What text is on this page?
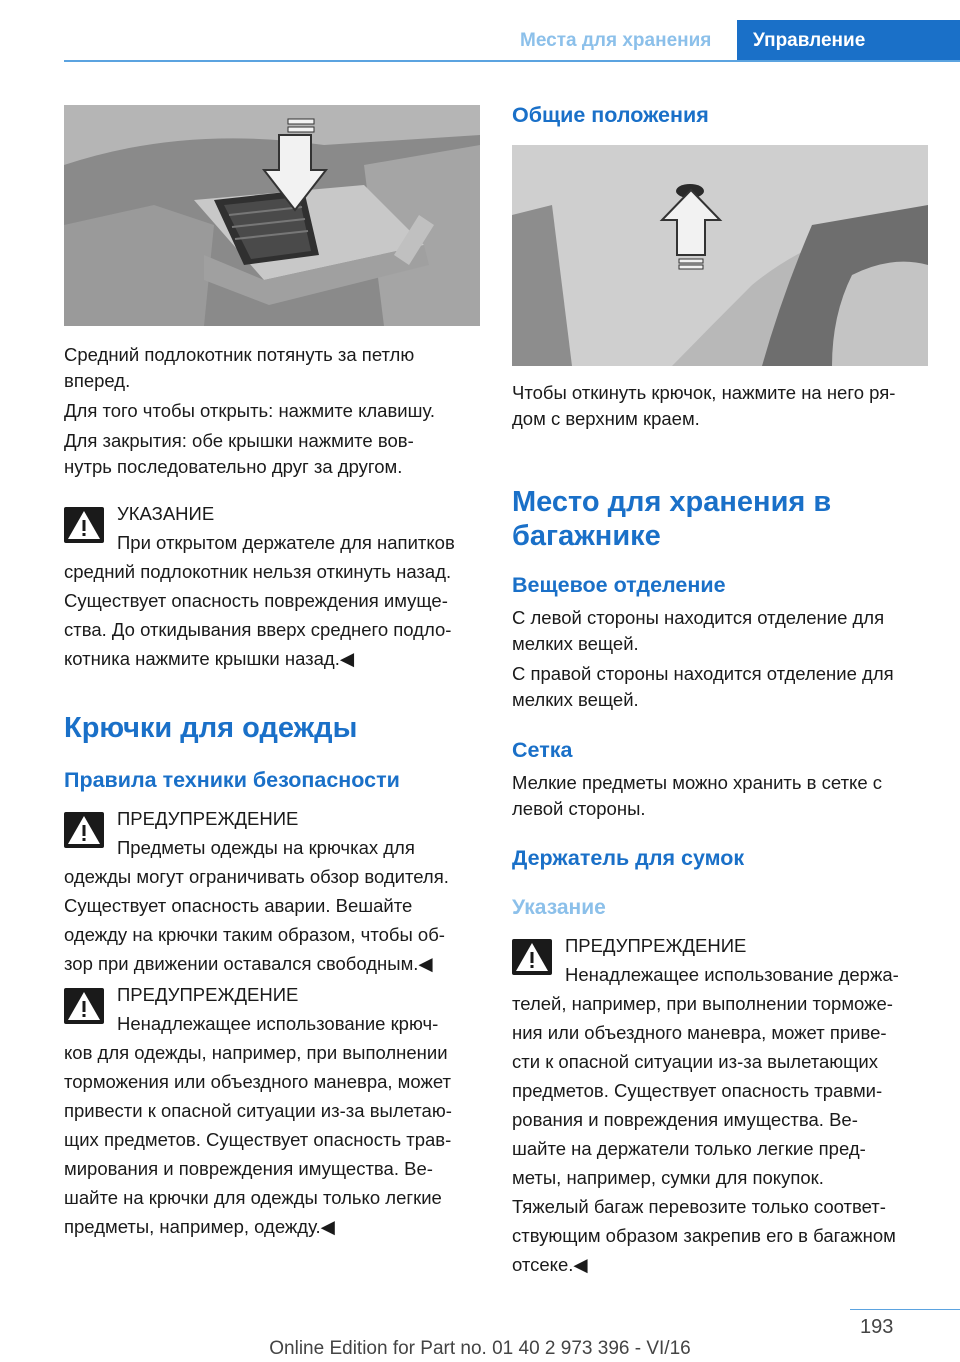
Места для хранения	Управление

Средний подлокотник потянуть за петлю

вперед.

Для того чтобы открыть: нажмите клавишу.

Для закрытия: обе крышки нажмите вов-

нутрь последовательно друг за другом.

УКАЗАНИЕ

При открытом держателе для напитков

средний подлокотник нельзя откинуть назад.

Существует опасность повреждения имуще-

ства. До откидывания вверх среднего подло-

котника нажмите крышки назад.◀

Крючки для одежды
Правила техники безопасности

ПРЕДУПРЕЖДЕНИЕ

Предметы одежды на крючках для

одежды могут ограничивать обзор водителя.

Существует опасность аварии. Вешайте

одежду на крючки таким образом, чтобы об-

зор при движении оставался свободным.◀

ПРЕДУПРЕЖДЕНИЕ

Ненадлежащее использование крюч-

ков для одежды, например, при выполнении

торможения или объездного маневра, может

привести к опасной ситуации из-за вылетаю-

щих предметов. Существует опасность трав-

мирования и повреждения имущества. Ве-

шайте на крючки для одежды только легкие

предметы, например, одежду.◀

Общие положения

Чтобы откинуть крючок, нажмите на него ря-

дом с верхним краем.

Место для хранения в
багажнике
Вещевое отделение

С левой стороны находится отделение для

мелких вещей.

С правой стороны находится отделение для

мелких вещей.

Сетка

Мелкие предметы можно хранить в сетке с

левой стороны.

Держатель для сумок
Указание

ПРЕДУПРЕЖДЕНИЕ

Ненадлежащее использование держа-

телей, например, при выполнении торможе-

ния или объездного маневра, может приве-

сти к опасной ситуации из-за вылетающих

предметов. Существует опасность травми-

рования и повреждения имущества. Ве-

шайте на держатели только легкие пред-

меты, например, сумки для покупок.

Тяжелый багаж перевозите только соответ-

ствующим образом закрепив его в багажном

отсеке.◀

193
Online Edition for Part no. 01 40 2 973 396 - VI/16
